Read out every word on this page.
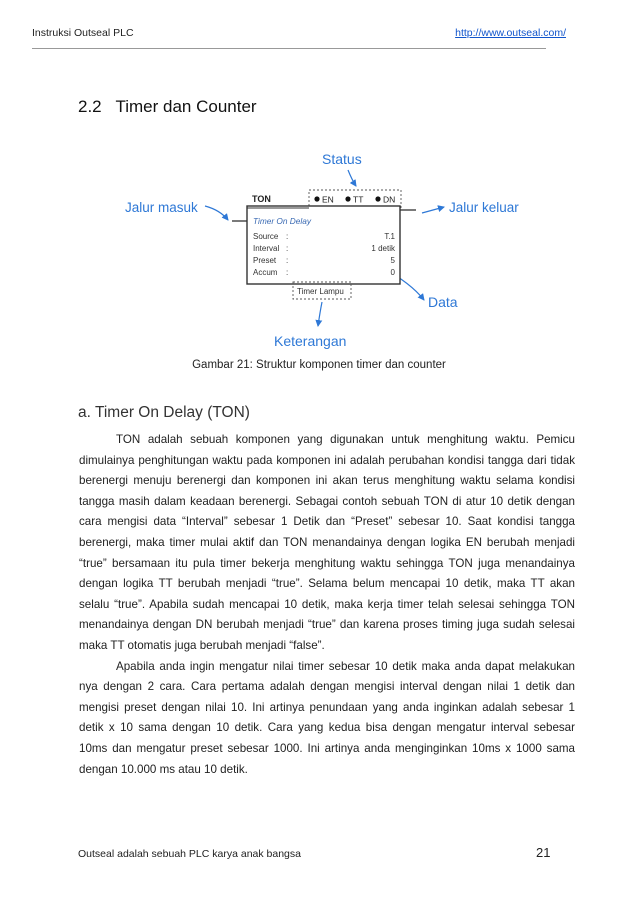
Instruksi Outseal PLC	http://www.outseal.com/
2.2   Timer dan Counter
Status
Jalur masuk	Jalur keluar
Data
Keterangan
TON	EN TT DN
Timer On Delay
Source :	T.1
Interval :	1 detik
Preset :	5
Accum :	0
Timer Lampu
Gambar 21: Struktur komponen timer dan counter
a. Timer On Delay (TON)

TON adalah sebuah komponen yang digunakan untuk menghitung waktu. Pemicu dimulainya penghitungan waktu pada komponen ini adalah perubahan kondisi tangga dari tidak berenergi menuju berenergi dan komponen ini akan terus menghitung waktu selama kondisi tangga masih dalam keadaan berenergi. Sebagai contoh sebuah TON di atur 10 detik dengan cara mengisi data “Interval” sebesar 1 Detik dan “Preset” sebesar 10. Saat kondisi tangga berenergi, maka timer mulai aktif dan TON menandainya dengan logika EN berubah menjadi “true” bersamaan itu pula timer bekerja menghitung waktu sehingga TON juga menandainya dengan logika TT berubah menjadi “true”. Selama belum mencapai 10 detik, maka TT akan selalu “true”. Apabila sudah mencapai 10 detik, maka kerja timer telah selesai sehingga TON menandainya dengan DN berubah menjadi “true” dan karena proses timing juga sudah selesai maka TT otomatis juga berubah menjadi “false”.

Apabila anda ingin mengatur nilai timer sebesar 10 detik maka anda dapat melakukan nya dengan 2 cara. Cara pertama adalah dengan mengisi interval dengan nilai 1 detik dan mengisi preset dengan nilai 10. Ini artinya penundaan yang anda inginkan adalah sebesar 1 detik x 10 sama dengan 10 detik. Cara yang kedua bisa dengan mengatur interval sebesar 10ms dan mengatur preset sebesar 1000. Ini artinya anda menginginkan 10ms x 1000 sama dengan 10.000 ms atau 10 detik.

Outseal adalah sebuah PLC karya anak bangsa	21
